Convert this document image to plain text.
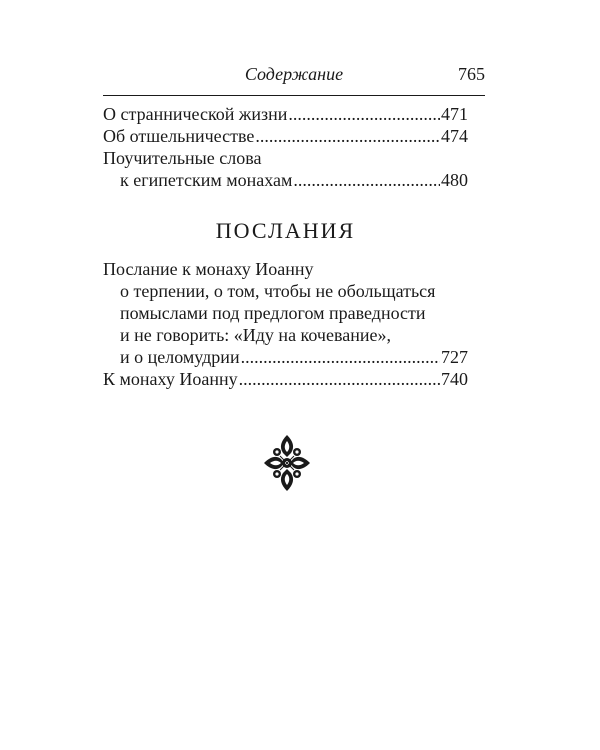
Содержание	765
О страннической жизни .....	471
Об отшельничестве .....	474
Поучительные слова
к египетским монахам .....	480
ПОСЛАНИЯ
Послание к монаху Иоанну
о терпении, о том, чтобы не обольщаться
помыслами под предлогом праведности
и не говорить: «Иду на кочевание»,
и о целомудрии .....	727
К монаху Иоанну .....	740
